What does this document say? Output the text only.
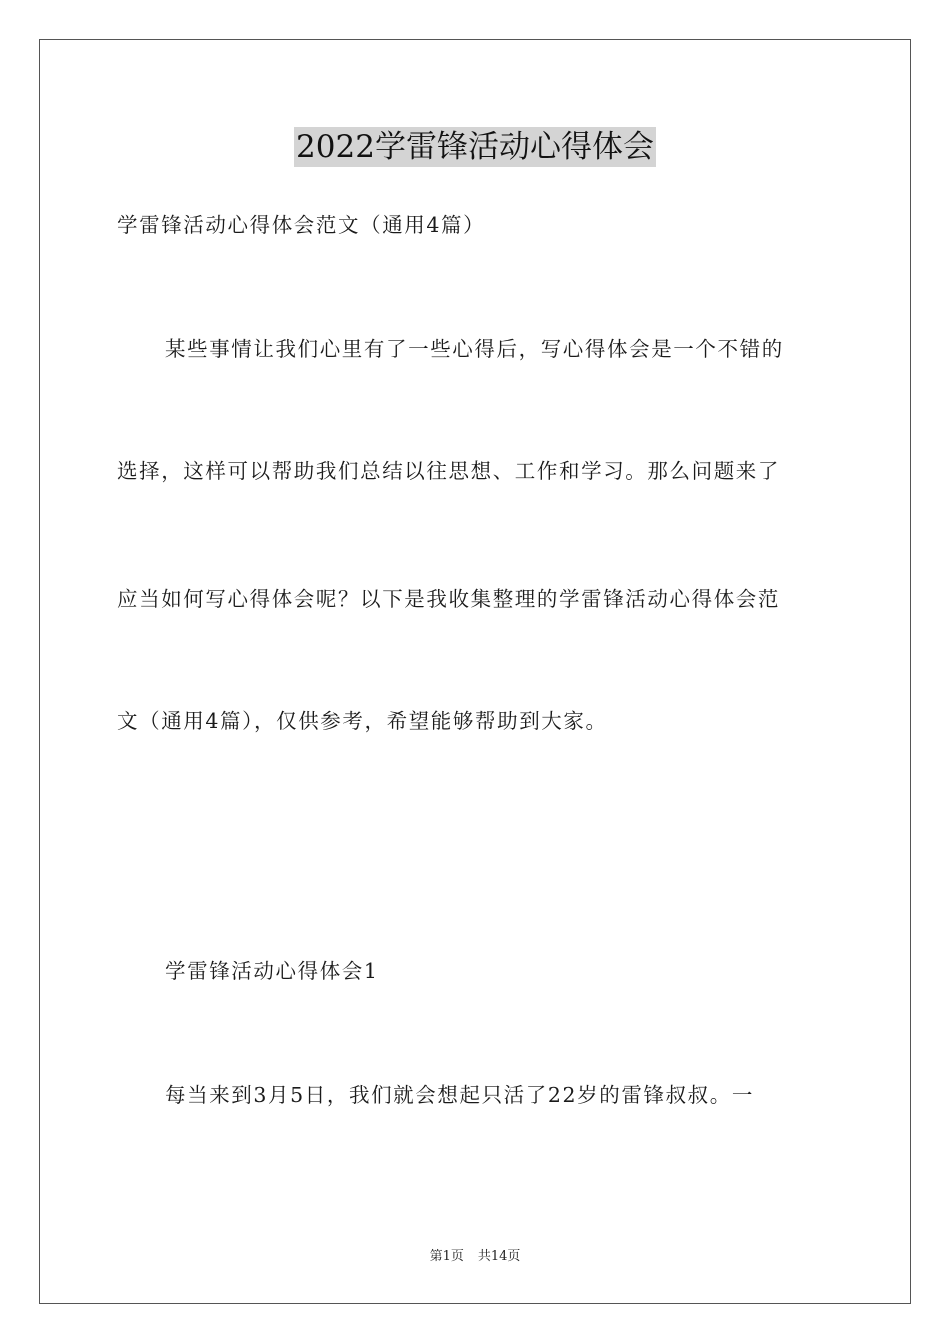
2022学雷锋活动心得体会
学雷锋活动心得体会范文（通用4篇）
某些事情让我们心里有了一些心得后，写心得体会是一个不错的
选择，这样可以帮助我们总结以往思想、工作和学习。那么问题来了
应当如何写心得体会呢？以下是我收集整理的学雷锋活动心得体会范
文（通用4篇），仅供参考，希望能够帮助到大家。
学雷锋活动心得体会1
每当来到3月5日，我们就会想起只活了22岁的雷锋叔叔。一
第1页 共14页
